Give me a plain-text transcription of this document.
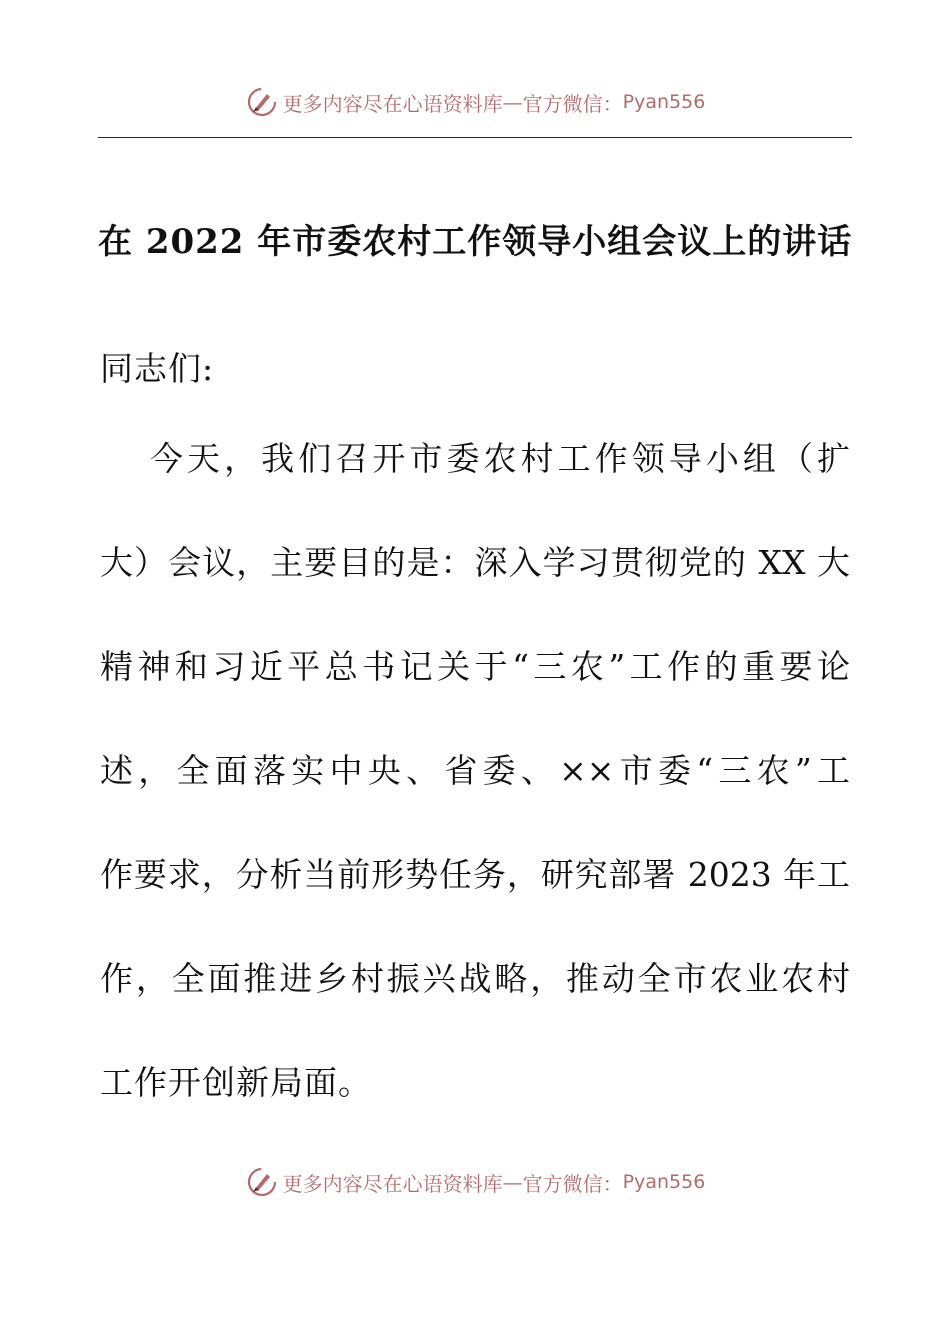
更多内容尽在心语资料库 — 官方微信： Pyan556
在 2022 年市委农村工作领导小组会议上的讲话
同志们:
今天，我们召开市委农村工作领导小组（扩
大）会议，主要目的是：深入学习贯彻党的 XX 大
精神和习近平总书记关于“三农”工作的重要论
述，全面落实中央、省委、××市委“三农”工
作要求，分析当前形势任务，研究部署 2023 年工
作，全面推进乡村振兴战略，推动全市农业农村
工作开创新局面。
更多内容尽在心语资料库 — 官方微信： Pyan556
